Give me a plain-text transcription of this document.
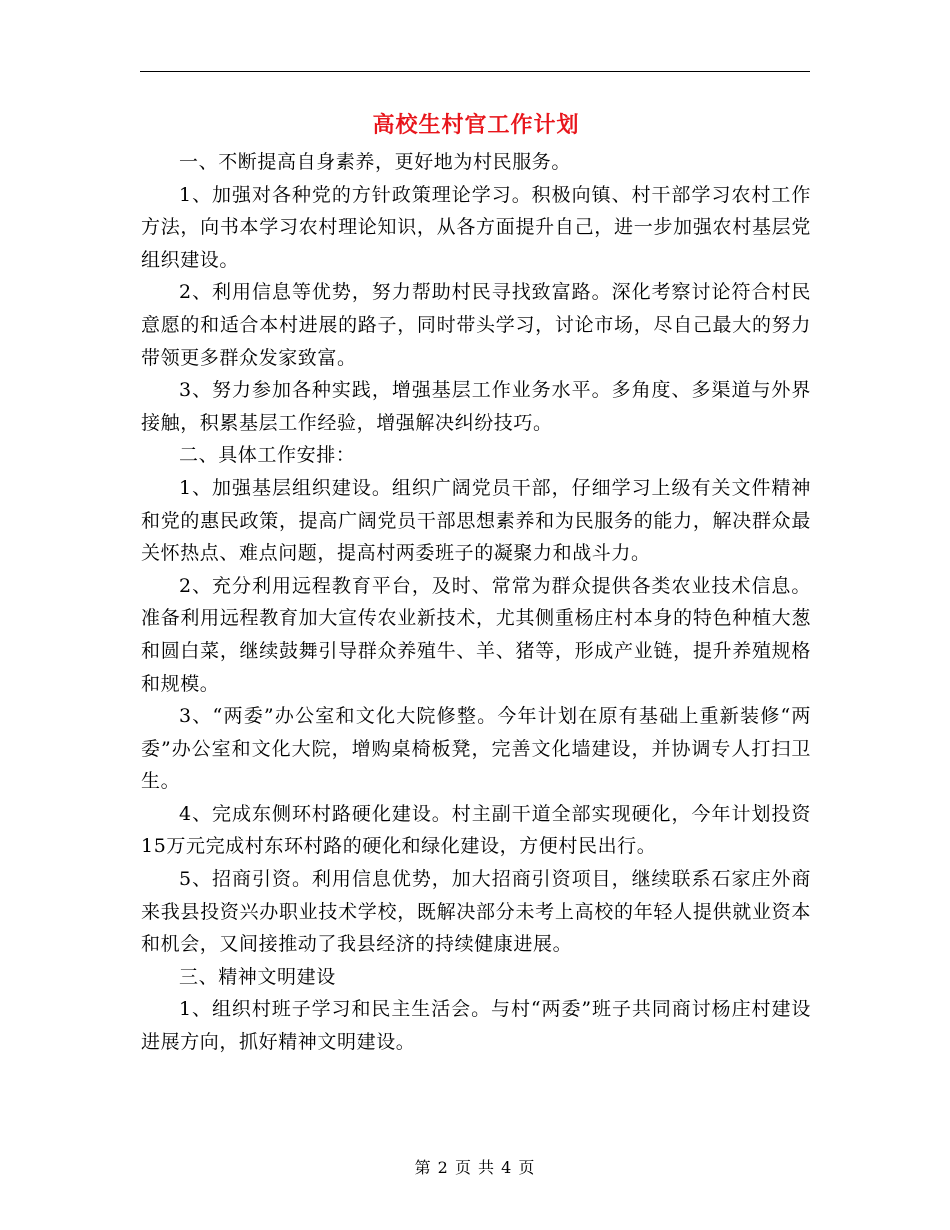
高校生村官工作计划

一、不断提高自身素养，更好地为村民服务。

1、加强对各种党的方针政策理论学习。积极向镇、村干部学习农村工作方法，向书本学习农村理论知识，从各方面提升自己，进一步加强农村基层党组织建设。

2、利用信息等优势，努力帮助村民寻找致富路。深化考察讨论符合村民意愿的和适合本村进展的路子，同时带头学习，讨论市场，尽自己最大的努力带领更多群众发家致富。

3、努力参加各种实践，增强基层工作业务水平。多角度、多渠道与外界接触，积累基层工作经验，增强解决纠纷技巧。

二、具体工作安排：

1、加强基层组织建设。组织广阔党员干部，仔细学习上级有关文件精神和党的惠民政策，提高广阔党员干部思想素养和为民服务的能力，解决群众最关怀热点、难点问题，提高村两委班子的凝聚力和战斗力。

2、充分利用远程教育平台，及时、常常为群众提供各类农业技术信息。准备利用远程教育加大宣传农业新技术，尤其侧重杨庄村本身的特色种植大葱和圆白菜，继续鼓舞引导群众养殖牛、羊、猪等，形成产业链，提升养殖规格和规模。

3、“两委”办公室和文化大院修整。今年计划在原有基础上重新装修“两委”办公室和文化大院，增购桌椅板凳，完善文化墙建设，并协调专人打扫卫生。

4、完成东侧环村路硬化建设。村主副干道全部实现硬化，今年计划投资15万元完成村东环村路的硬化和绿化建设，方便村民出行。

5、招商引资。利用信息优势，加大招商引资项目，继续联系石家庄外商来我县投资兴办职业技术学校，既解决部分未考上高校的年轻人提供就业资本和机会，又间接推动了我县经济的持续健康进展。

三、精神文明建设

1、组织村班子学习和民主生活会。与村“两委”班子共同商讨杨庄村建设进展方向，抓好精神文明建设。

第 2 页 共 4 页
